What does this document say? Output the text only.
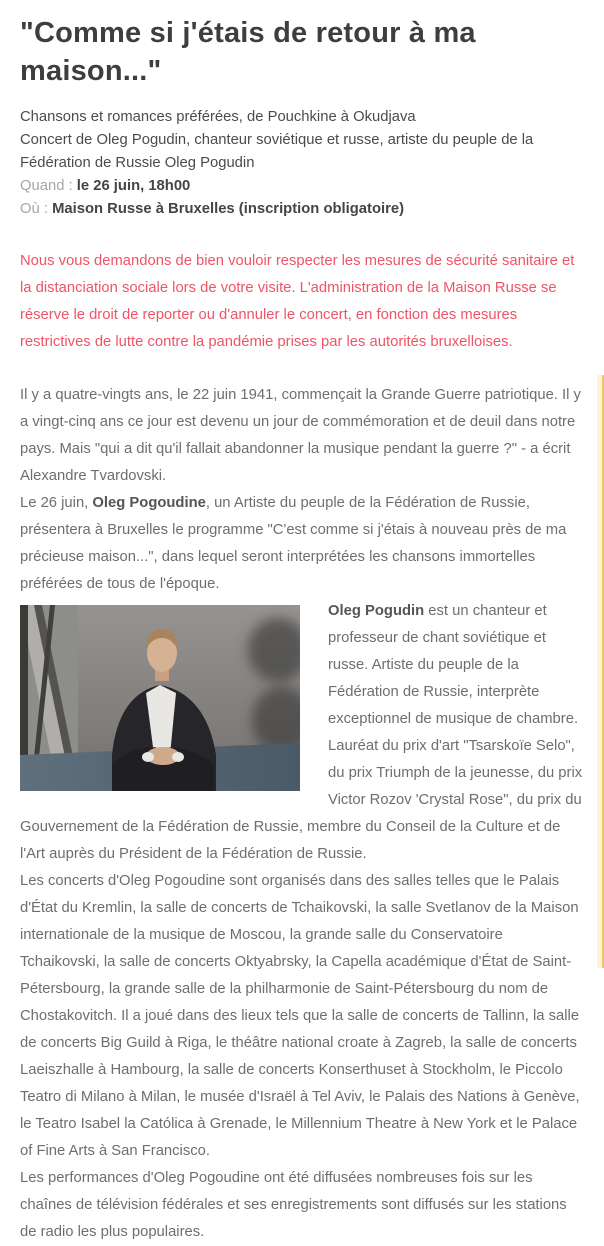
"Comme si j'étais de retour à ma maison..."
Chansons et romances préférées, de Pouchkine à Okudjava
Concert de Oleg Pogudin, chanteur soviétique et russe, artiste du peuple de la Fédération de Russie Oleg Pogudin
Quand : le 26 juin, 18h00
Où : Maison Russe à Bruxelles (inscription obligatoire)

Nous vous demandons de bien vouloir respecter les mesures de sécurité sanitaire et la distanciation sociale lors de votre visite. L'administration de la Maison Russe se réserve le droit de reporter ou d'annuler le concert, en fonction des mesures restrictives de lutte contre la pandémie prises par les autorités bruxelloises.

Il y a quatre-vingts ans, le 22 juin 1941, commençait la Grande Guerre patriotique. Il y a vingt-cinq ans ce jour est devenu un jour de commémoration et de deuil dans notre pays. Mais "qui a dit qu'il fallait abandonner la musique pendant la guerre ?" - a écrit Alexandre Tvardovski.

Le 26 juin, Oleg Pogoudine, un Artiste du peuple de la Fédération de Russie, présentera à Bruxelles le programme "C'est comme si j'étais à nouveau près de ma précieuse maison...", dans lequel seront interprétées les chansons immortelles préférées de tous de l'époque.

Oleg Pogudin est un chanteur et professeur de chant soviétique et russe. Artiste du peuple de la Fédération de Russie, interprète exceptionnel de musique de chambre. Lauréat du prix d'art "Tsarskoïe Selo", du prix Triumph de la jeunesse, du prix Victor Rozov 'Crystal Rose", du prix du Gouvernement de la Fédération de Russie, membre du Conseil de la Culture et de l'Art auprès du Président de la Fédération de Russie.

Les concerts d'Oleg Pogoudine sont organisés dans des salles telles que le Palais d'État du Kremlin, la salle de concerts de Tchaikovski, la salle Svetlanov de la Maison internationale de la musique de Moscou, la grande salle du Conservatoire Tchaikovski, la salle de concerts Oktyabrsky, la Capella académique d'État de Saint-Pétersbourg, la grande salle de la philharmonie de Saint-Pétersbourg du nom de Chostakovitch. Il a joué dans des lieux tels que la salle de concerts de Tallinn, la salle de concerts Big Guild à Riga, le théâtre national croate à Zagreb, la salle de concerts Laeiszhalle à Hambourg, la salle de concerts Konserthuset à Stockholm, le Piccolo Teatro di Milano à Milan, le musée d'Israël à Tel Aviv, le Palais des Nations à Genève, le Teatro Isabel la Católica à Grenade, le Millennium Theatre à New York et le Palace of Fine Arts à San Francisco.

Les performances d'Oleg Pogoudine ont été diffusées nombreuses fois sur les chaînes de télévision fédérales et ses enregistrements sont diffusés sur les stations de radio les plus populaires.
